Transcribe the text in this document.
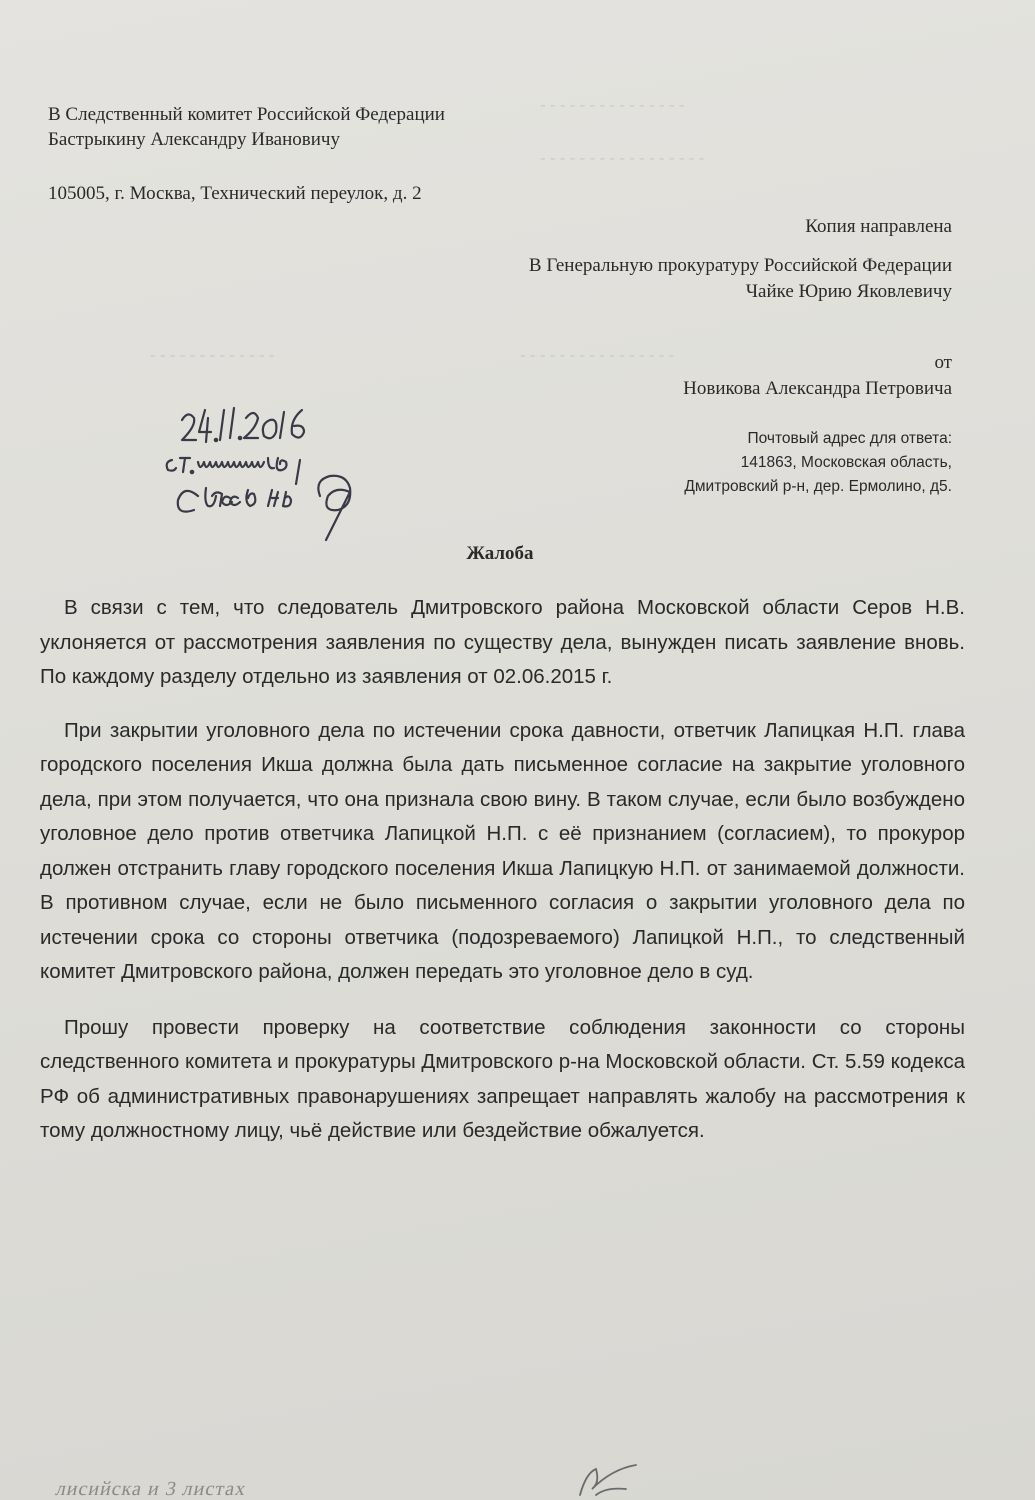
- - - - - - - - - - - - - - -
- - - - - - - - - - - - - - - - -
- - - - - - - - - - - - - - - -
- - - - - - - - - - - - -
В Следственный комитет Российской Федерации
Бастрыкину Александру Ивановичу
105005, г. Москва, Технический переулок, д. 2
Копия направлена
В Генеральную прокуратуру Российской Федерации
Чайке Юрию Яковлевичу
от
Новикова Александра Петровича
Почтовый адрес для ответа:
141863, Московская область,
Дмитровский р-н, дер. Ермолино, д5.
Жалоба

В связи с тем, что следователь Дмитровского района Московской области Серов Н.В. уклоняется от рассмотрения заявления по существу дела, вынужден писать заявление вновь. По каждому разделу отдельно из заявления от 02.06.2015 г.

При закрытии уголовного дела по истечении срока давности, ответчик Лапицкая Н.П. глава городского поселения Икша должна была дать письменное согласие на закрытие уголовного дела, при этом получается, что она признала свою вину. В таком случае, если было возбуждено уголовное дело против ответчика Лапицкой Н.П. с её признанием (согласием), то прокурор должен отстранить главу городского поселения Икша Лапицкую Н.П. от занимаемой должности. В противном случае, если не было письменного согласия о закрытии уголовного дела по истечении срока со стороны ответчика (подозреваемого) Лапицкой Н.П., то следственный комитет Дмитровского района, должен передать это уголовное дело в суд.

Прошу провести проверку на соответствие соблюдения законности со стороны следственного комитета и прокуратуры Дмитровского р-на Московской области. Ст. 5.59 кодекса РФ об административных правонарушениях запрещает направлять жалобу на рассмотрения к тому должностному лицу, чьё действие или бездействие обжалуется.

лисийска и 3 листах
